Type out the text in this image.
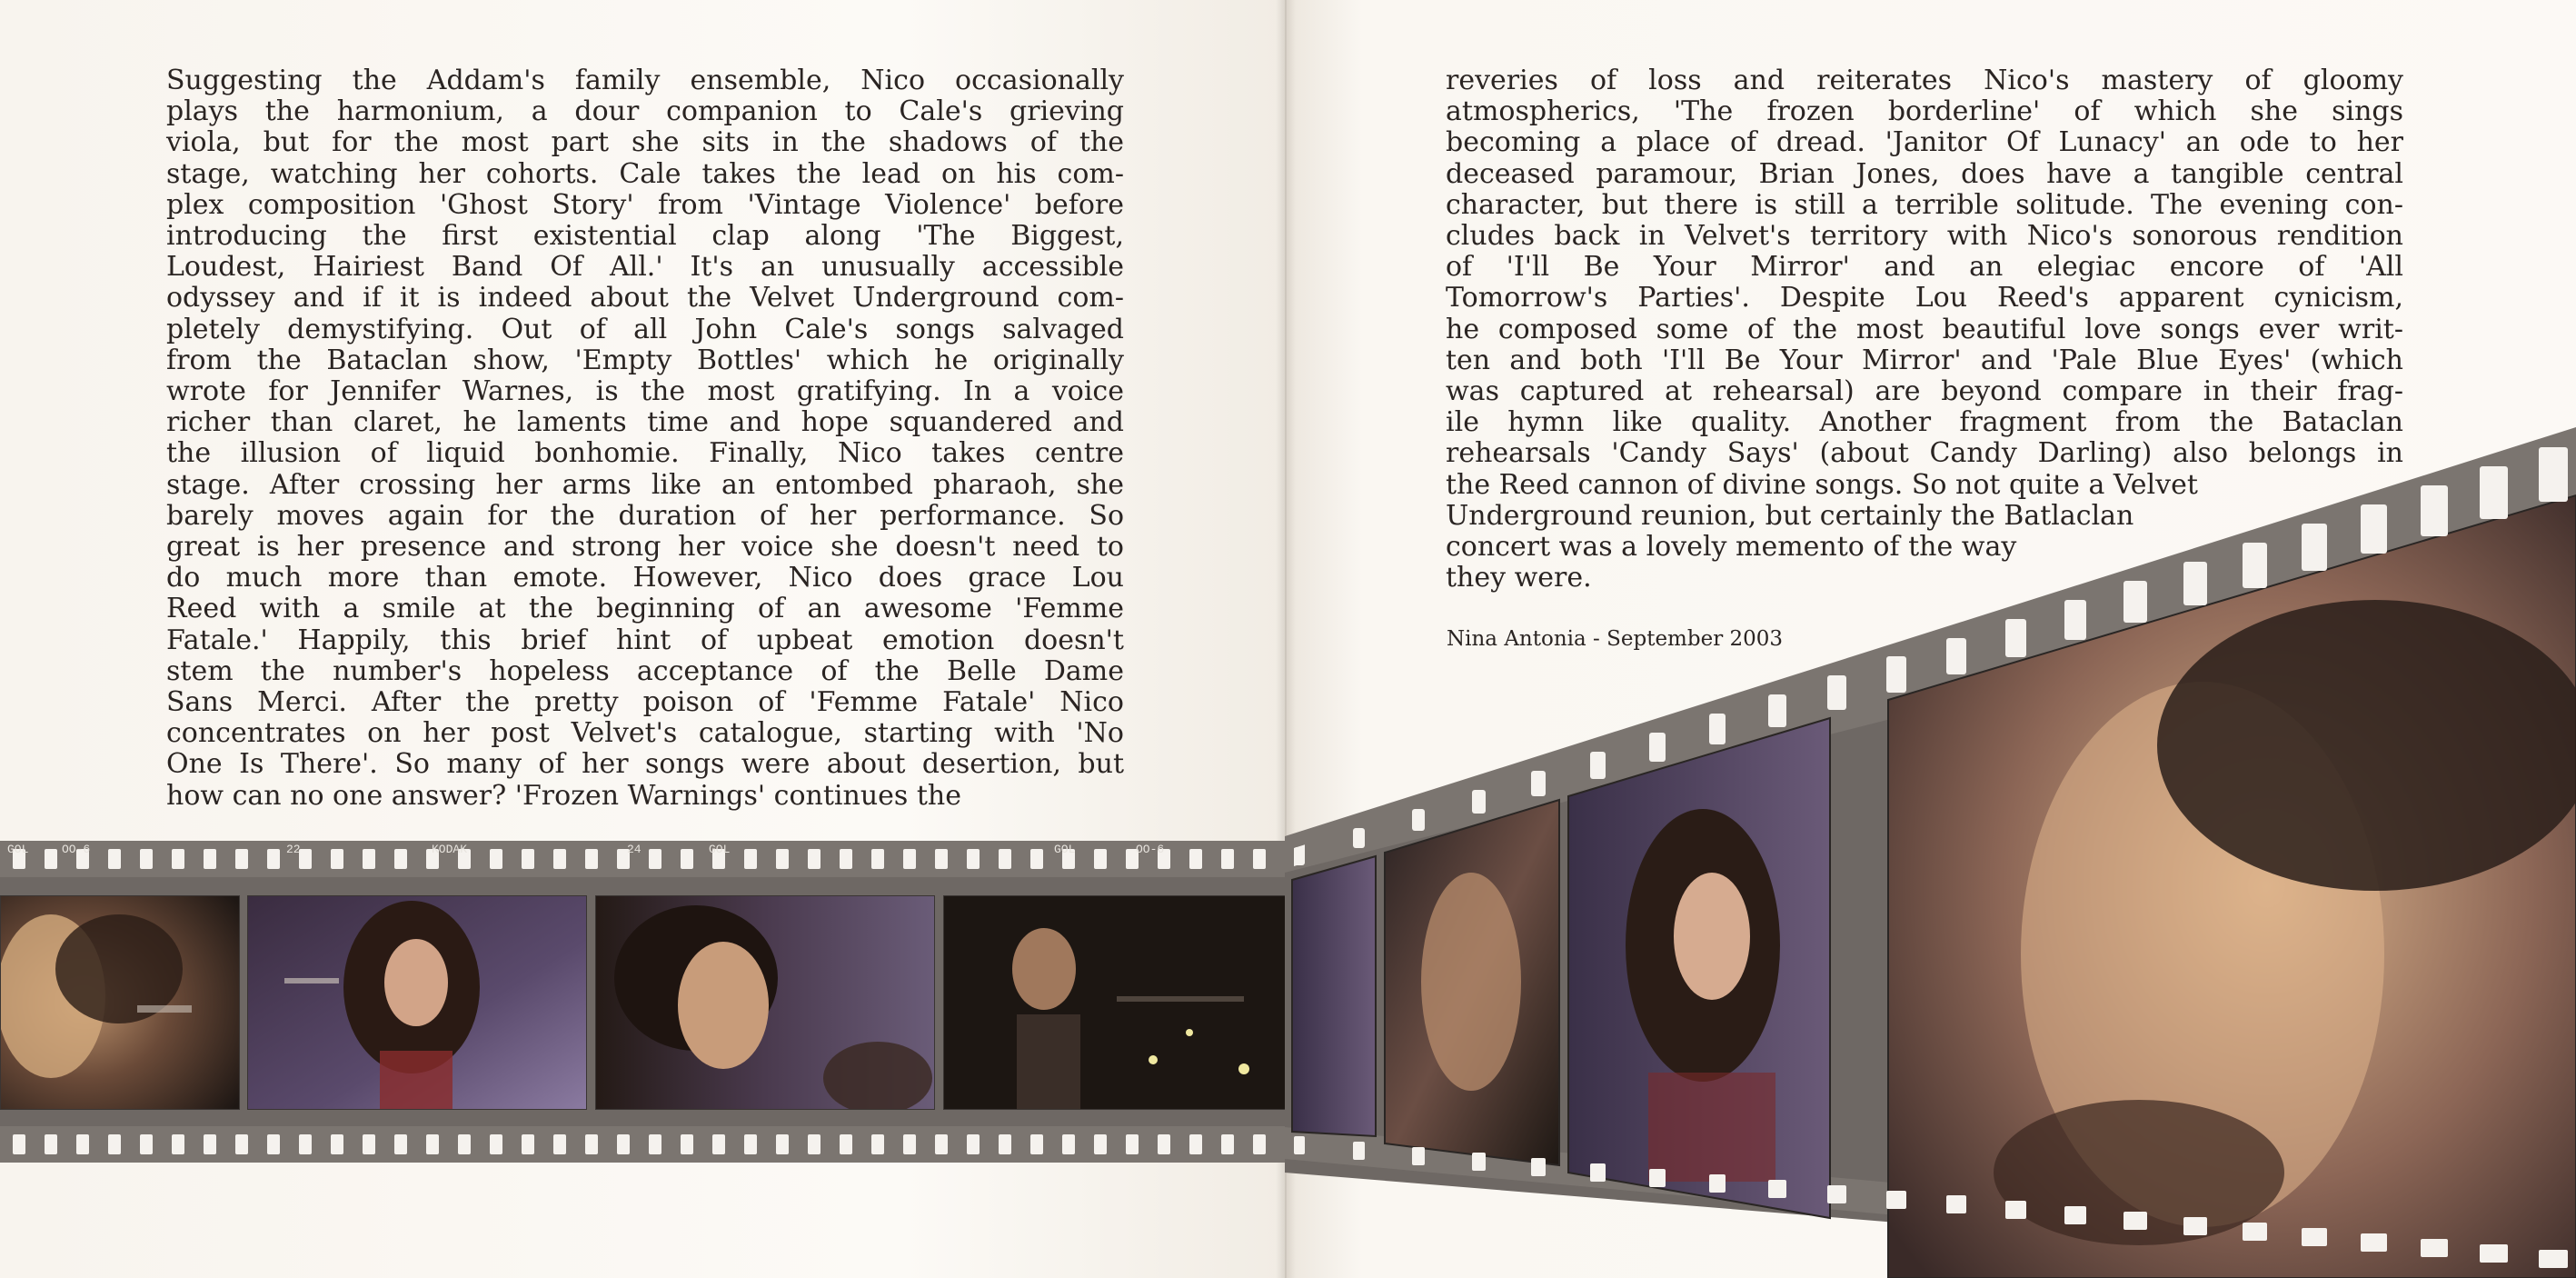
Suggesting the Addam's family ensemble, Nico occasionally
plays the harmonium, a dour companion to Cale's grieving
viola, but for the most part she sits in the shadows of the
stage, watching her cohorts. Cale takes the lead on his com-
plex composition 'Ghost Story' from 'Vintage Violence' before
introducing the first existential clap along 'The Biggest,
Loudest, Hairiest Band Of All.' It's an unusually accessible
odyssey and if it is indeed about the Velvet Underground com-
pletely demystifying. Out of all John Cale's songs salvaged
from the Bataclan show, 'Empty Bottles' which he originally
wrote for Jennifer Warnes, is the most gratifying. In a voice
richer than claret, he laments time and hope squandered and
the illusion of liquid bonhomie. Finally, Nico takes centre
stage. After crossing her arms like an entombed pharaoh, she
barely moves again for the duration of her performance. So
great is her presence and strong her voice she doesn't need to
do much more than emote. However, Nico does grace Lou
Reed with a smile at the beginning of an awesome 'Femme
Fatale.' Happily, this brief hint of upbeat emotion doesn't
stem the number's hopeless acceptance of the Belle Dame
Sans Merci. After the pretty poison of 'Femme Fatale' Nico
concentrates on her post Velvet's catalogue, starting with 'No
One Is There'. So many of her songs were about desertion, but
how can no one answer? 'Frozen Warnings' continues the
reveries of loss and reiterates Nico's mastery of gloomy
atmospherics, 'The frozen borderline' of which she sings
becoming a place of dread. 'Janitor Of Lunacy' an ode to her
deceased paramour, Brian Jones, does have a tangible central
character, but there is still a terrible solitude. The evening con-
cludes back in Velvet's territory with Nico's sonorous rendition
of 'I'll Be Your Mirror' and an elegiac encore of 'All
Tomorrow's Parties'. Despite Lou Reed's apparent cynicism,
he composed some of the most beautiful love songs ever writ-
ten and both 'I'll Be Your Mirror' and 'Pale Blue Eyes' (which
was captured at rehearsal) are beyond compare in their frag-
ile hymn like quality. Another fragment from the Bataclan
rehearsals 'Candy Says' (about Candy Darling) also belongs in
the Reed cannon of divine songs. So not quite a Velvet
Underground reunion, but certainly the Batlaclan
concert was a lovely memento of the way
they were.
Nina Antonia - September 2003
GOL	OO-6	22	KODAK	24	GOL	GOL	OO-6
